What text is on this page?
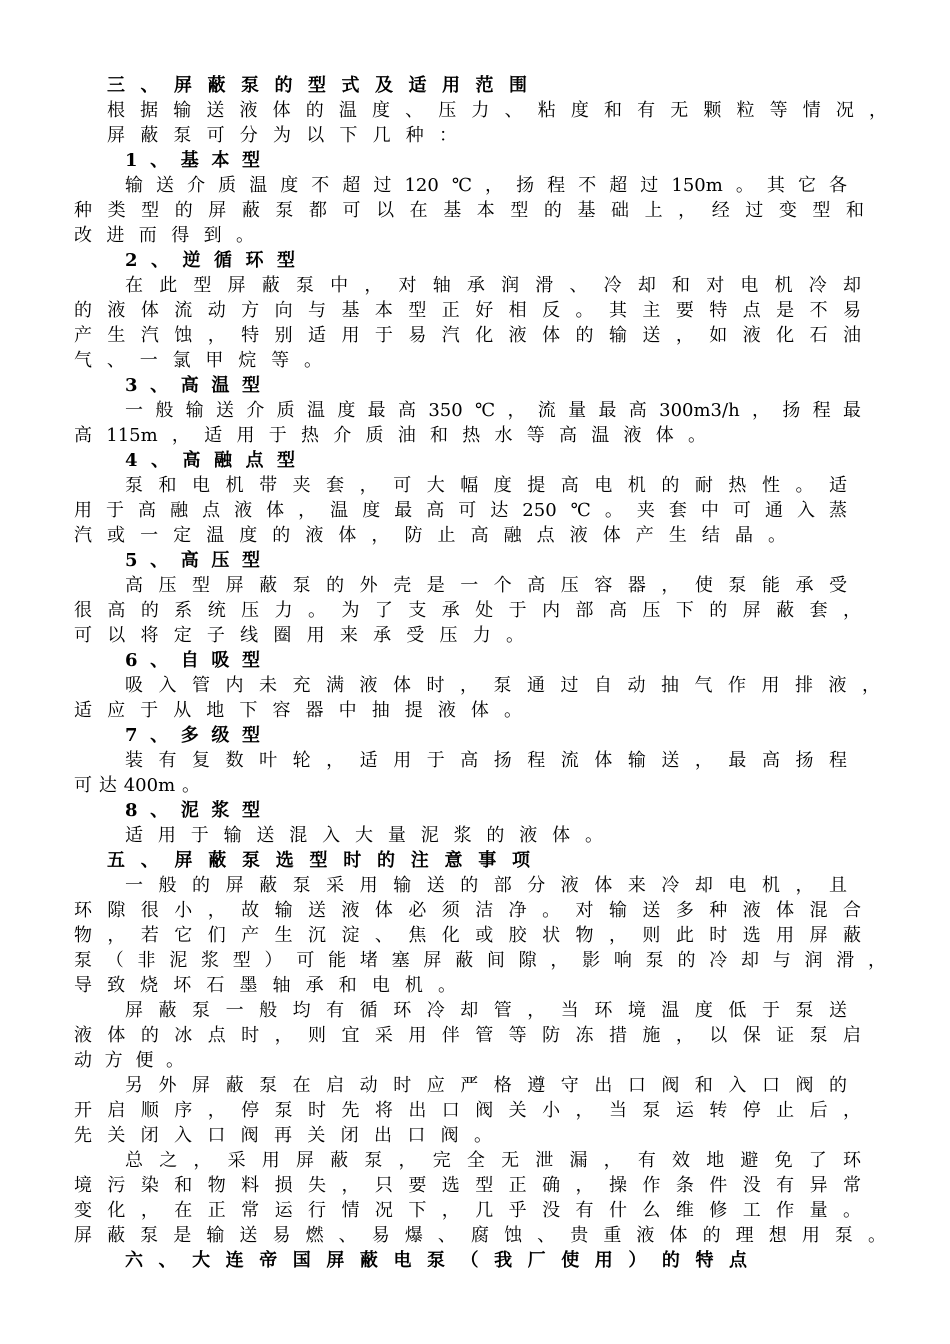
三、屏蔽泵的型式及适用范围
根据输送液体的温度、压力、粘度和有无颗粒等情况，
屏蔽泵可分为以下几种：
1、基本型
输送介质温度不超过120℃，扬程不超过150m。其它各
种类型的屏蔽泵都可以在基本型的基础上，经过变型和
改进而得到。
2、逆循环型
在此型屏蔽泵中，对轴承润滑、冷却和对电机冷却
的液体流动方向与基本型正好相反。其主要特点是不易
产生汽蚀，特别适用于易汽化液体的输送，如液化石油
气、一氯甲烷等。
3、高温型
一般输送介质温度最高350℃，流量最高300m3/h，扬程最
高115m，适用于热介质油和热水等高温液体。
4、高融点型
泵和电机带夹套，可大幅度提高电机的耐热性。适
用于高融点液体，温度最高可达250℃。夹套中可通入蒸
汽或一定温度的液体，防止高融点液体产生结晶。
5、高压型
高压型屏蔽泵的外壳是一个高压容器，使泵能承受
很高的系统压力。为了支承处于内部高压下的屏蔽套，
可以将定子线圈用来承受压力。
6、自吸型
吸入管内未充满液体时，泵通过自动抽气作用排液，
适应于从地下容器中抽提液体。
7、多级型
装有复数叶轮，适用于高扬程流体输送，最高扬程
可达400m。
8、泥浆型
适用于输送混入大量泥浆的液体。
五、屏蔽泵选型时的注意事项
一般的屏蔽泵采用输送的部分液体来冷却电机，且
环隙很小，故输送液体必须洁净。对输送多种液体混合
物，若它们产生沉淀、焦化或胶状物，则此时选用屏蔽
泵（非泥浆型）可能堵塞屏蔽间隙，影响泵的冷却与润滑，
导致烧坏石墨轴承和电机。
屏蔽泵一般均有循环冷却管，当环境温度低于泵送
液体的冰点时，则宜采用伴管等防冻措施，以保证泵启
动方便。
另外屏蔽泵在启动时应严格遵守出口阀和入口阀的
开启顺序，停泵时先将出口阀关小，当泵运转停止后，
先关闭入口阀再关闭出口阀。
总之，采用屏蔽泵，完全无泄漏，有效地避免了环
境污染和物料损失，只要选型正确，操作条件没有异常
变化，在正常运行情况下，几乎没有什么维修工作量。
屏蔽泵是输送易燃、易爆、腐蚀、贵重液体的理想用泵。
六、大连帝国屏蔽电泵（我厂使用）的特点
